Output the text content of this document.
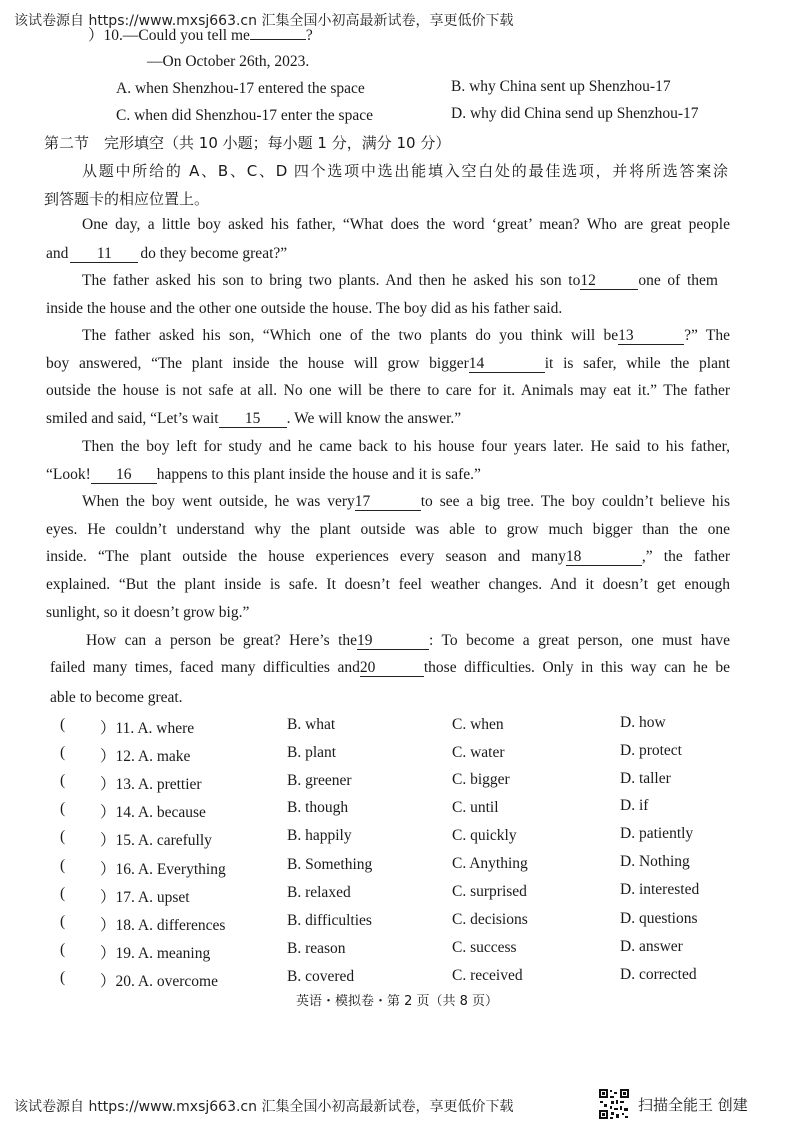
该试卷源自 https://www.mxsj663.cn 汇集全国小初高最新试卷，享更低价下载
）10.—Could you tell me	?
—On October 26th, 2023.
A. when Shenzhou-17 entered the space	B. why China sent up Shenzhou-17
C. when did Shenzhou-17 enter the space	D. why did China send up Shenzhou-17
第二节　完形填空（共 10 小题；每小题 1 分，满分 10 分）
从题中所给的 A、B、C、D 四个选项中选出能填入空白处的最佳选项，并将所选答案涂
到答题卡的相应位置上。
One day, a little boy asked his father, “What does the word ‘great’ mean? Who are great people
and 11 do they become great?”
The father asked his son to bring two plants. And then he asked his son to12	one of them
inside the house and the other one outside the house. The boy did as his father said.
The father asked his son, “Which one of the two plants do you think will be13	?” The
boy answered, “The plant inside the house will grow bigger14	it is safer, while the plant
outside the house is not safe at all. No one will be there to care for it. Animals may eat it.” The father
smiled and said, “Let’s wait 15 . We will know the answer.”
Then the boy left for study and he came back to his house four years later. He said to his father,
“Look! 16 happens to this plant inside the house and it is safe.”
When the boy went outside, he was very17	to see a big tree. The boy couldn’t believe his
eyes. He couldn’t understand why the plant outside was able to grow much bigger than the one
inside. “The plant outside the house experiences every season and many18	,” the father
explained. “But the plant inside is safe. It doesn’t feel weather changes. And it doesn’t get enough
sunlight, so it doesn’t grow big.”
How can a person be great? Here’s the19	: To become a great person, one must have
failed many times, faced many difficulties and20	those difficulties. Only in this way can he be
able to become great.
( ）11. A. where	B. what	C. when	D. how
( ）12. A. make	B. plant	C. water	D. protect
( ）13. A. prettier	B. greener	C. bigger	D. taller
( ）14. A. because	B. though	C. until	D. if
( ）15. A. carefully	B. happily	C. quickly	D. patiently
( ）16. A. Everything	B. Something	C. Anything	D. Nothing
( ）17. A. upset	B. relaxed	C. surprised	D. interested
( ）18. A. differences	B. difficulties	C. decisions	D. questions
( ）19. A. meaning	B. reason	C. success	D. answer
( ）20. A. overcome	B. covered	C. received	D. corrected
英语・模拟卷・第 2 页（共 8 页）
该试卷源自 https://www.mxsj663.cn 汇集全国小初高最新试卷，享更低价下载	扫描全能王 创建
